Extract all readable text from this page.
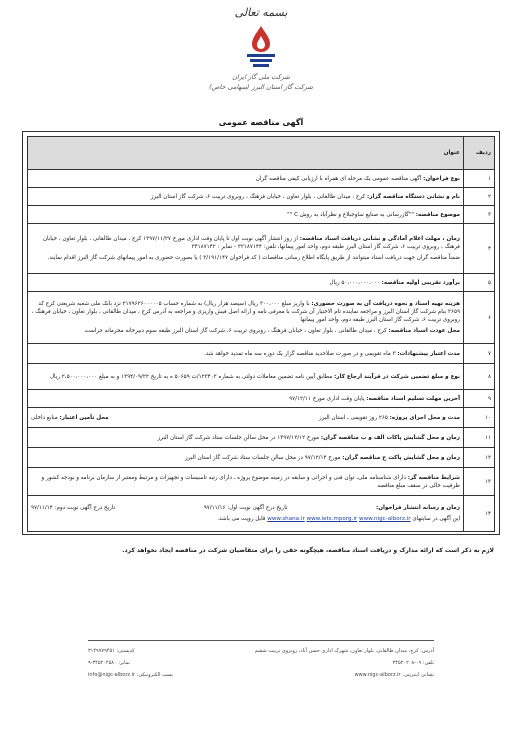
بسمه تعالی
شرکت ملی گاز ایران
شرکت گاز استان البرز (سهامی خاص)
آگهی مناقصه عمومی
ردیف	عنوان
۱	نوع فراخوان: آگهی مناقصه عمومی یک مرحله ای همراه با ارزیابی کیفی مناقصه گران
۲	نام و نشانی دستگاه مناقصه گزار: کرج ، میدان طالقانی ، بلوار تعاون ، خیابان فرهنگ ، روبروی تربیت ۶، شرکت گاز استان البرز
۳	موضوع مناقصه: ""گازرسانی به صنایع ساوجبلاغ و نظرآباد به روش C ""
۴	زمان ، مهلت اعلام آمادگی و نشانی دریافت اسناد مناقصه: از روز انتشار آگهی نوبت اول تا پایان وقت اداری مورخ ۱۳۹۷/۱۱/۲۷ کرج ، میدان طالقانی ، بلوار تعاون ، خیابان فرهنگ ، روبروی تربیت ۶، شرکت گاز استان البرز طبقه دوم، واحد امور پیمانها، تلفن: ۳۲۱۸۷۱۴۴ - نمابر : ۳۴۱۸۷۱۴۲
ضمناً مناقصه گران جهت دریافت اسناد میتوانند از طریق پایگاه اطلاع رسانی مناقصات ( کد فراخوان ۳/۱۹۱/۱۴۷ ) یا بصورت حضوری به امور پیمانهای شرکت گاز البرز اقدام نمایند.

۵	برآورد تقریبی اولیه مناقصه: ۵۰،۰۰۰،۰۰۰،۰۰۰ ریال
۶	هزینه تهیه اسناد و نحوه دریافت آن به صورت حضوری: با واریز مبلغ ۳۰۰،۰۰۰ ریال (سیصد هزار ریال) به شماره حساب ۲۱۷۹۶۳۶۰۰۰۰۰۵ نزد بانک ملی شعبه شریعتی کرج کد ۳۶۵۹ بنام شرکت گاز استان البرز و مراجعه نماینده تام الاختیار آن شرکت با معرفی نامه و ارائه اصل فیش واریزی و مراجعه به آدرس کرج ، میدان طالقانی ، بلوار تعاون ، خیابان فرهنگ ، روبروی تربیت ۶، شرکت گاز استان البرز طبقه دوم، واحد امور پیمانها
محل عودت اسناد مناقصه: کرج ، میدان طالقانی ، بلوار تعاون ، خیابان فرهنگ ، روبروی تربیت ۶، شرکت گاز استان البرز طبقه سوم دبیرخانه محرمانه حراست

۷	مدت اعتبار پیشنهادات: ۳ ماه تقویمی و در صورت صلاحدید مناقصه گزار یک دوره سه ماه تمدید خواهد شد.
۸	نوع و مبلغ تضمین شرکت در فرآیند ارجاع کار: مطابق آیین نامه تضمین معاملات دولتی به شماره ۱۲۳۴۰۲/ت ۵۰۶۵۹ ه به تاریخ ۱۳۹۴/۰۹/۲۲ و به مبلغ ۲،۵۰۰،۰۰۰،۰۰۰ ریال
۹	آخرین مهلت تسلیم اسناد مناقصه: پایان وقت اداری مورخ ۹۷/۱۲/۱۱
۱۰	مدت و محل اجرای پروژه: ۲۶۵ روز تقویمی ـ استان البرز
محل تأمین اعتبار: منابع داخلی

۱۱	زمان و محل گشایش پاکات الف و ب مناقصه گران: مورخ ۱۳۹۷/۱۲/۱۲ در محل سالن جلسات ستاد شرکت گاز استان البرز
۱۲	زمان و محل گشایش پاکت ج مناقصه گران: مورخ ۹۷/۱۲/۱۴ در محل سالن جلسات ستاد شرکت گاز استان البرز
۱۳	شرایط مناقصه گر: دارای شناسنامه ملی، توان فنی و اجرائی و سابقه در زمینه موضوع پروژه ـ دارای رتبه تاسیسات و تجهیزات و مرتبط ومعتبر از سازمان برنامه و بودجه کشور و ظرفیت خالی در سقف مبلغ مناقصه
۱۴	زمان و رسانه انتشار فراخوان:
تاریخ درج آگهی نوبت اول: ۹۷/۱۱/۱۶
تاریخ درج آگهی نوبت دوم: ۹۷/۱۱/۱۴
این آگهی در سایتهای www.shana.ir www.iets.mporg.ir www.nigc-alborz.ir قابل رویت می باشد.
لازم به ذکر است که ارائه مدارک و دریافت اسناد مناقصه، هیچگونه حقی را برای متقاضیان شرکت در مناقصه ایجاد نخواهد کرد.
آدرس: کرج، میدان طالقانی، بلوار تعاون، شهرک اداری حسن آباد، روبروی تربیت ششم
کدپستی: ۳۱۴۹۷۷۹۴۵۱
تلفن: ۰۹-۳۴۵۲۰۲۰۸
نمابر: ۳۴۵۲۰۴۵۸۰-۹
نشانی اینترنتی: www.nigc-alborz.ir
پست الکترونیکی: info@nigc-alborz.ir
